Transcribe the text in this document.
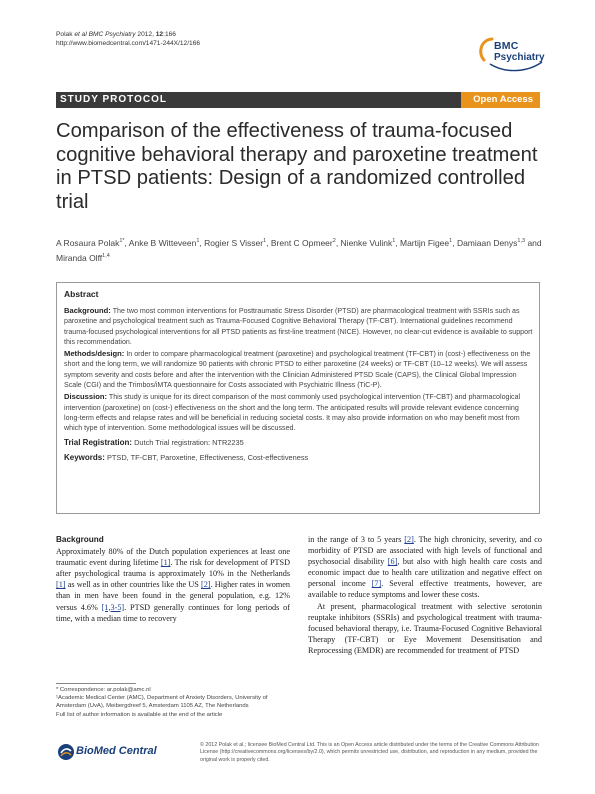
Polak et al BMC Psychiatry 2012, 12:166
http://www.biomedcentral.com/1471-244X/12/166	BMC
Psychiatry
STUDY PROTOCOL	Open Access
Comparison of the effectiveness of trauma-focused cognitive behavioral therapy and paroxetine treatment in PTSD patients: Design of a randomized controlled trial
A Rosaura Polak$^{1*}$, Anke B Witteveen$^1$, Rogier S Visser$^1$, Brent C Opmeer$^2$, Nienke Vulink$^1$, Martijn Figee$^1$, Damiaan Denys$^{1,3}$ and Miranda Olff$^{1,4}$
Abstract

Background: The two most common interventions for Posttraumatic Stress Disorder (PTSD) are pharmacological treatment with SSRIs such as paroxetine and psychological treatment such as Trauma-Focused Cognitive Behavioral Therapy (TF-CBT). International guidelines recommend trauma-focused psychological interventions for all PTSD patients as first-line treatment (NICE). However, no clear-cut evidence is available to support this recommendation.

Methods/design: In order to compare pharmacological treatment (paroxetine) and psychological treatment (TF-CBT) in (cost-) effectiveness on the short and the long term, we will randomize 90 patients with chronic PTSD to either paroxetine (24 weeks) or TF-CBT (10–12 weeks). We will assess symptom severity and costs before and after the intervention with the Clinician Administered PTSD Scale (CAPS), the Clinical Global Impression Scale (CGI) and the Trimbos/iMTA questionnaire for Costs associated with Psychiatric Illness (TiC-P).

Discussion: This study is unique for its direct comparison of the most commonly used psychological intervention (TF-CBT) and pharmacological intervention (paroxetine) on (cost-) effectiveness on the short and the long term. The anticipated results will provide relevant evidence concerning long-term effects and relapse rates and will be beneficial in reducing societal costs. It may also provide information on who may benefit most from which type of intervention. Some methodological issues will be discussed.

Trial Registration: Dutch Trial registration: NTR2235

Keywords: PTSD, TF-CBT, Paroxetine, Effectiveness, Cost-effectiveness

Background

Approximately 80% of the Dutch population experiences at least one traumatic event during lifetime [1]. The risk for development of PTSD after psychological trauma is approximately 10% in the Netherlands [1] as well as in other countries like the US [2]. Higher rates in women than in men have been found in the general population, e.g. 12% versus 4.6% [1,3-5]. PTSD generally continues for long periods of time, with a median time to recovery

in the range of 3 to 5 years [2]. The high chronicity, severity, and co morbidity of PTSD are associated with high levels of functional and psychosocial disability [6], but also with high health care costs and economic impact due to health care utilization and negative effect on personal income [7]. Several effective treatments, however, are available to reduce symptoms and lower these costs.

At present, pharmacological treatment with selective serotonin reuptake inhibitors (SSRIs) and psychological treatment with trauma-focused behavioral therapy, i.e. Trauma-Focused Cognitive Behavioral Therapy (TF-CBT) or Eye Movement Desensitisation and Reprocessing (EMDR) are recommended for treatment of PTSD

* Correspondence: ar.polak@amc.nl
¹Academic Medical Center (AMC), Department of Anxiety Disorders, University of Amsterdam (UvA), Meibergdreef 5, Amsterdam 1105 AZ, The Netherlands
Full list of author information is available at the end of the article
BioMed Central	© 2012 Polak et al.; licensee BioMed Central Ltd. This is an Open Access article distributed under the terms of the Creative Commons Attribution License (http://creativecommons.org/licenses/by/2.0), which permits unrestricted use, distribution, and reproduction in any medium, provided the original work is properly cited.
